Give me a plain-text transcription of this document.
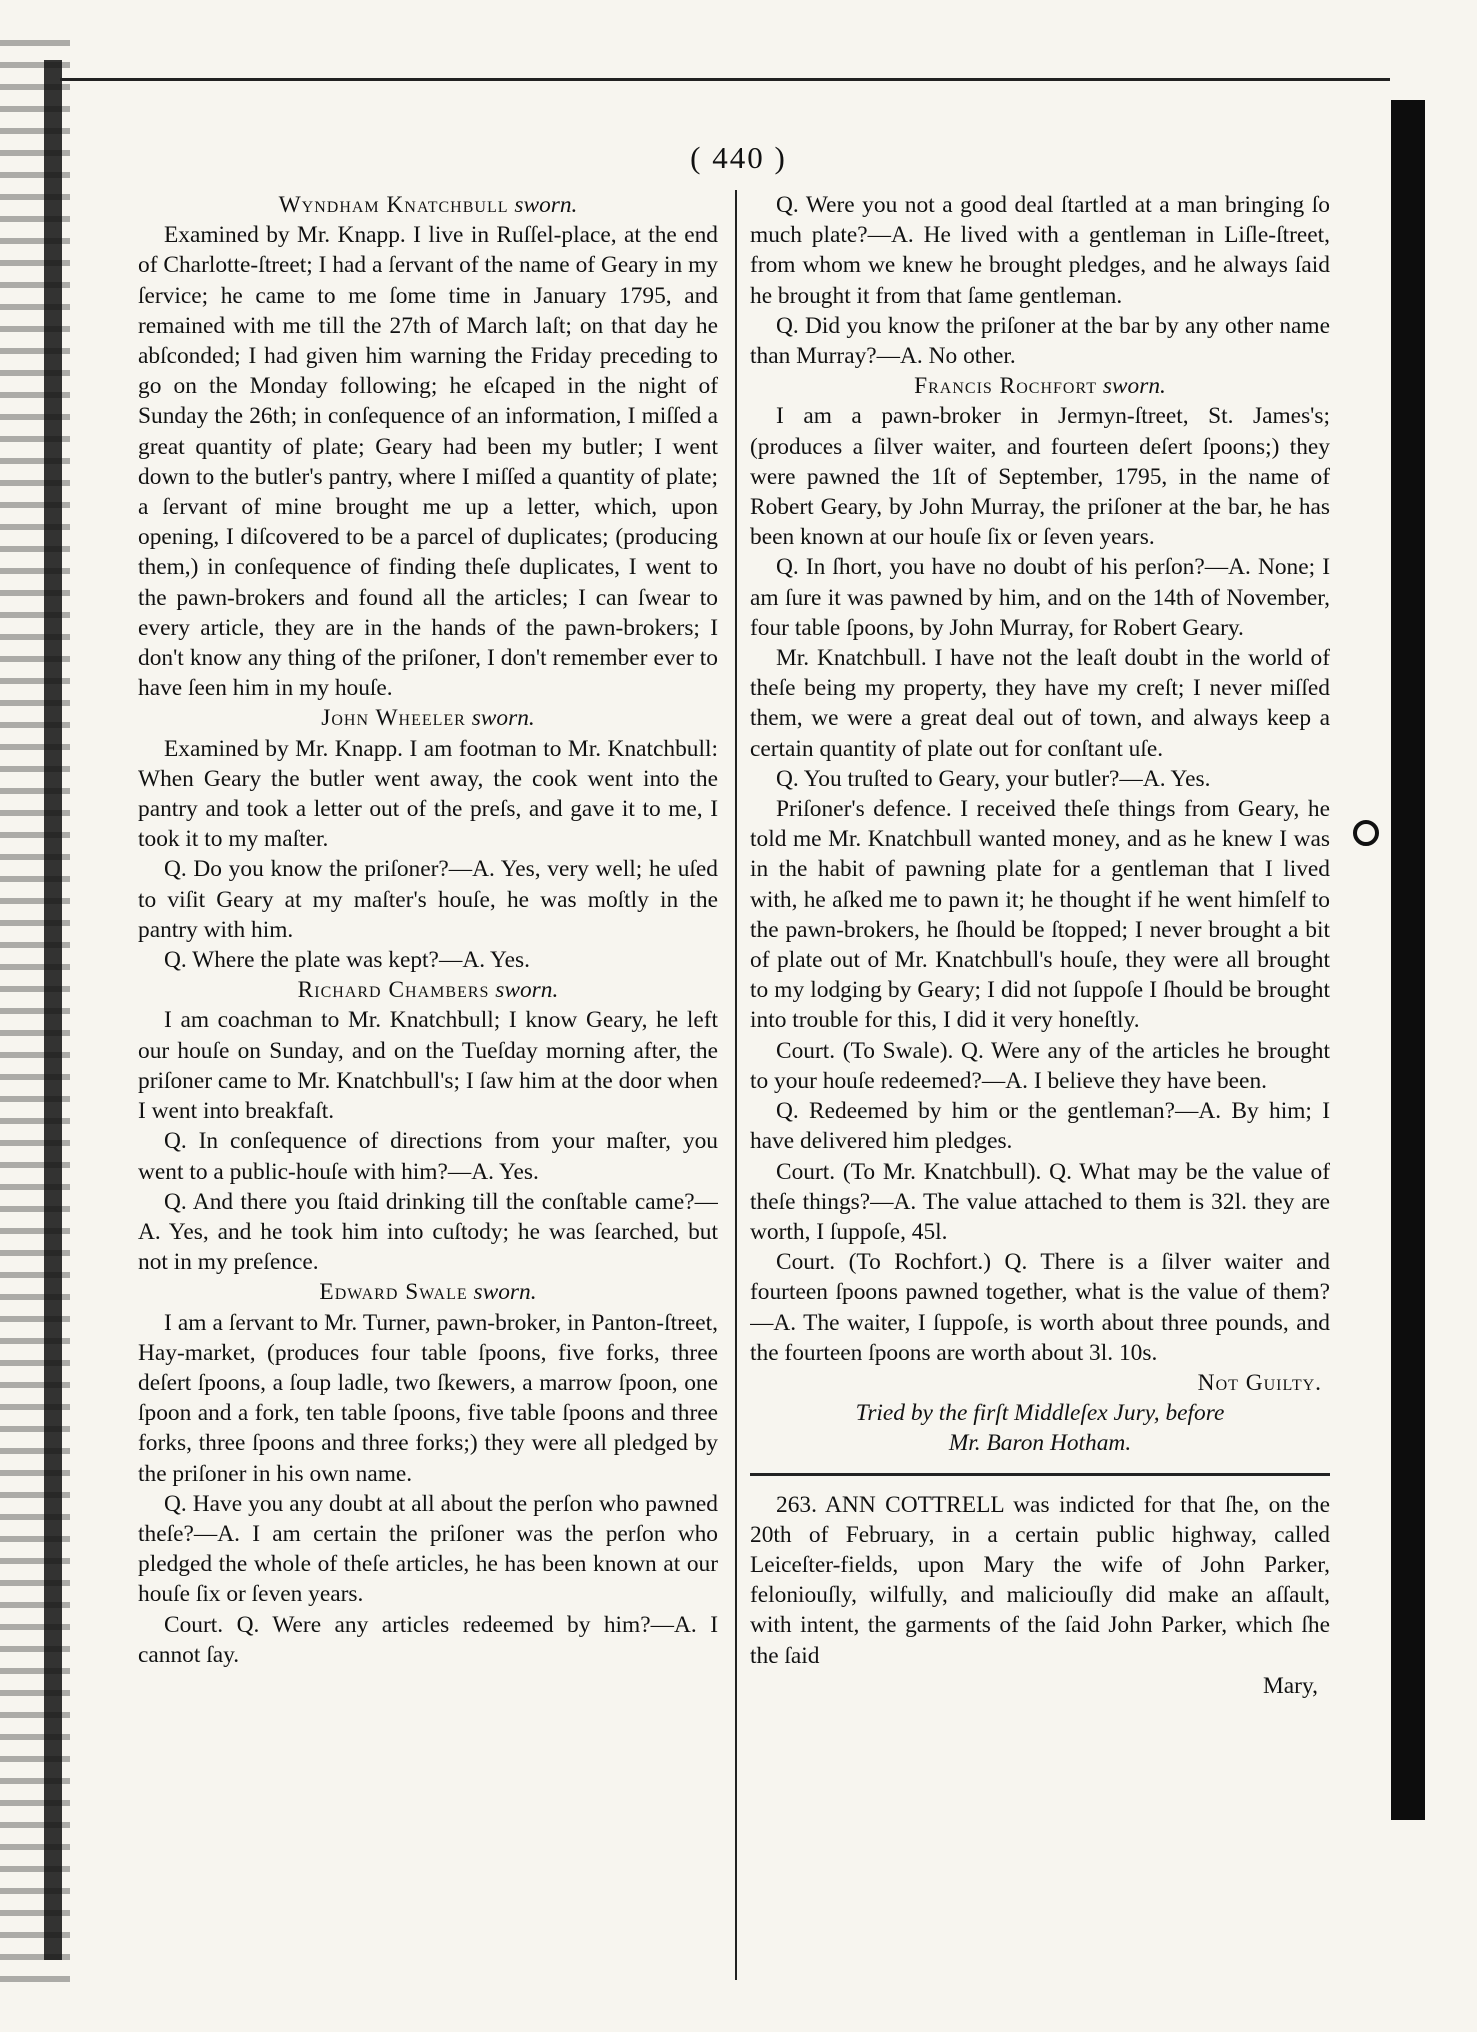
( 440 )

Wyndham Knatchbull sworn.

Examined by Mr. Knapp. I live in Ruſſel-place, at the end of Charlotte-ſtreet; I had a ſervant of the name of Geary in my ſervice; he came to me ſome time in January 1795, and remained with me till the 27th of March laſt; on that day he abſconded; I had given him warning the Friday preceding to go on the Monday following; he eſcaped in the night of Sunday the 26th; in conſequence of an information, I miſſed a great quantity of plate; Geary had been my butler; I went down to the butler's pantry, where I miſſed a quantity of plate; a ſervant of mine brought me up a letter, which, upon opening, I diſcovered to be a parcel of duplicates; (producing them,) in conſequence of finding theſe duplicates, I went to the pawn-brokers and found all the articles; I can ſwear to every article, they are in the hands of the pawn-brokers; I don't know any thing of the priſoner, I don't remember ever to have ſeen him in my houſe.

John Wheeler sworn.

Examined by Mr. Knapp. I am footman to Mr. Knatchbull: When Geary the butler went away, the cook went into the pantry and took a letter out of the preſs, and gave it to me, I took it to my maſter.

Q. Do you know the priſoner?—A. Yes, very well; he uſed to viſit Geary at my maſter's houſe, he was moſtly in the pantry with him.

Q. Where the plate was kept?—A. Yes.

Richard Chambers sworn.

I am coachman to Mr. Knatchbull; I know Geary, he left our houſe on Sunday, and on the Tueſday morning after, the priſoner came to Mr. Knatchbull's; I ſaw him at the door when I went into breakfaſt.

Q. In conſequence of directions from your maſter, you went to a public-houſe with him?—A. Yes.

Q. And there you ſtaid drinking till the conſtable came?—A. Yes, and he took him into cuſtody; he was ſearched, but not in my preſence.

Edward Swale sworn.

I am a ſervant to Mr. Turner, pawn-broker, in Panton-ſtreet, Hay-market, (produces four table ſpoons, five forks, three deſert ſpoons, a ſoup ladle, two ſkewers, a marrow ſpoon, one ſpoon and a fork, ten table ſpoons, five table ſpoons and three forks, three ſpoons and three forks;) they were all pledged by the priſoner in his own name.

Q. Have you any doubt at all about the perſon who pawned theſe?—A. I am certain the priſoner was the perſon who pledged the whole of theſe articles, he has been known at our houſe ſix or ſeven years.

Court. Q. Were any articles redeemed by him?—A. I cannot ſay.

Q. Were you not a good deal ſtartled at a man bringing ſo much plate?—A. He lived with a gentleman in Liſle-ſtreet, from whom we knew he brought pledges, and he always ſaid he brought it from that ſame gentleman.

Q. Did you know the priſoner at the bar by any other name than Murray?—A. No other.

Francis Rochfort sworn.

I am a pawn-broker in Jermyn-ſtreet, St. James's; (produces a ſilver waiter, and fourteen deſert ſpoons;) they were pawned the 1ſt of September, 1795, in the name of Robert Geary, by John Murray, the priſoner at the bar, he has been known at our houſe ſix or ſeven years.

Q. In ſhort, you have no doubt of his perſon?—A. None; I am ſure it was pawned by him, and on the 14th of November, four table ſpoons, by John Murray, for Robert Geary.

Mr. Knatchbull. I have not the leaſt doubt in the world of theſe being my property, they have my creſt; I never miſſed them, we were a great deal out of town, and always keep a certain quantity of plate out for conſtant uſe.

Q. You truſted to Geary, your butler?—A. Yes.

Priſoner's defence. I received theſe things from Geary, he told me Mr. Knatchbull wanted money, and as he knew I was in the habit of pawning plate for a gentleman that I lived with, he aſked me to pawn it; he thought if he went himſelf to the pawn-brokers, he ſhould be ſtopped; I never brought a bit of plate out of Mr. Knatchbull's houſe, they were all brought to my lodging by Geary; I did not ſuppoſe I ſhould be brought into trouble for this, I did it very honeſtly.

Court. (To Swale). Q. Were any of the articles he brought to your houſe redeemed?—A. I believe they have been.

Q. Redeemed by him or the gentleman?—A. By him; I have delivered him pledges.

Court. (To Mr. Knatchbull). Q. What may be the value of theſe things?—A. The value attached to them is 32l. they are worth, I ſuppoſe, 45l.

Court. (To Rochfort.) Q. There is a ſilver waiter and fourteen ſpoons pawned together, what is the value of them?—A. The waiter, I ſuppoſe, is worth about three pounds, and the fourteen ſpoons are worth about 3l. 10s.

Not Guilty.

Tried by the firſt Middleſex Jury, before

Mr. Baron Hotham.

263. ANN COTTRELL was indicted for that ſhe, on the 20th of February, in a certain public highway, called Leiceſter-fields, upon Mary the wife of John Parker, feloniouſly, wilfully, and maliciouſly did make an aſſault, with intent, the garments of the ſaid John Parker, which ſhe the ſaid

Mary,
